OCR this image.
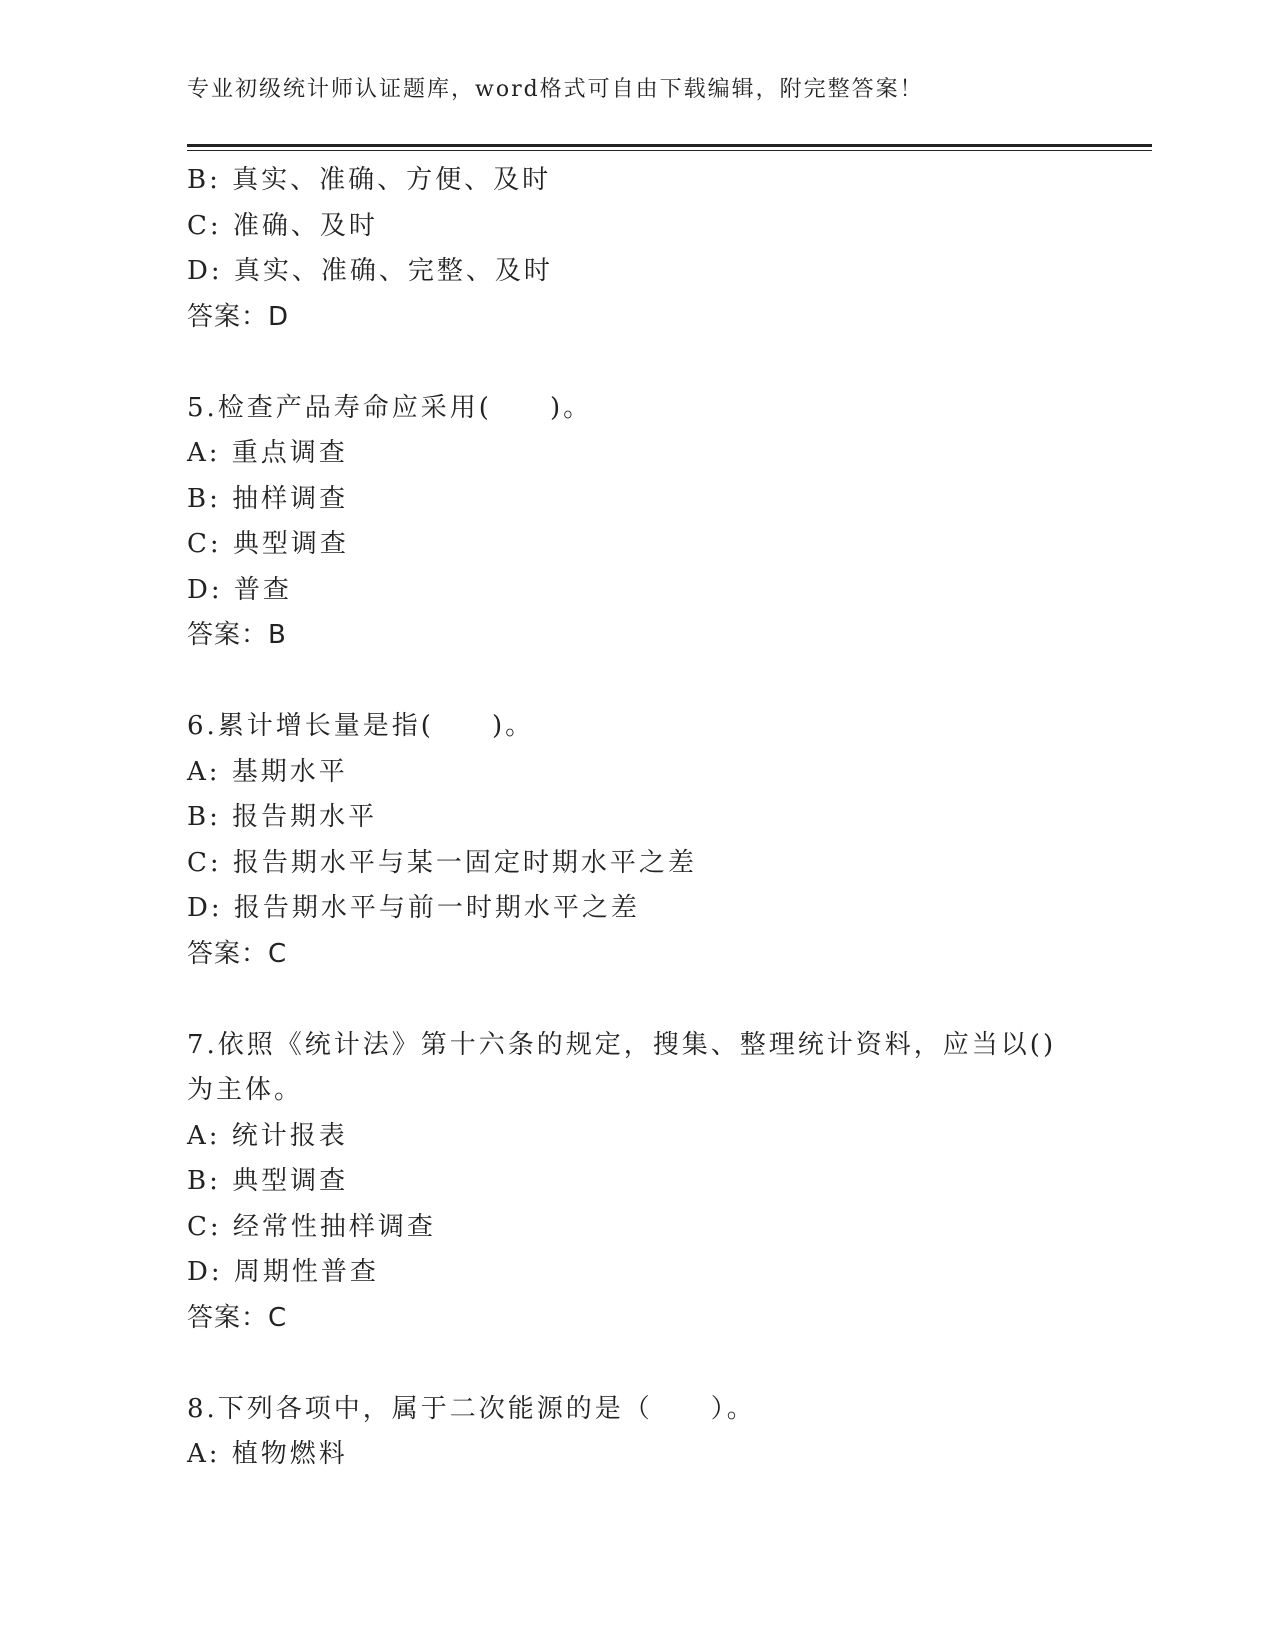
专业初级统计师认证题库，word格式可自由下载编辑，附完整答案！
B: 真实、准确、方便、及时
C: 准确、及时
D: 真实、准确、完整、及时
答案：D
5.检查产品寿命应采用(　　)。
A: 重点调查
B: 抽样调查
C: 典型调查
D: 普查
答案：B
6.累计增长量是指(　　)。
A: 基期水平
B: 报告期水平
C: 报告期水平与某一固定时期水平之差
D: 报告期水平与前一时期水平之差
答案：C
7.依照《统计法》第十六条的规定，搜集、整理统计资料，应当以()
为主体。
A: 统计报表
B: 典型调查
C: 经常性抽样调查
D: 周期性普查
答案：C
8.下列各项中，属于二次能源的是（　　）。
A: 植物燃料
